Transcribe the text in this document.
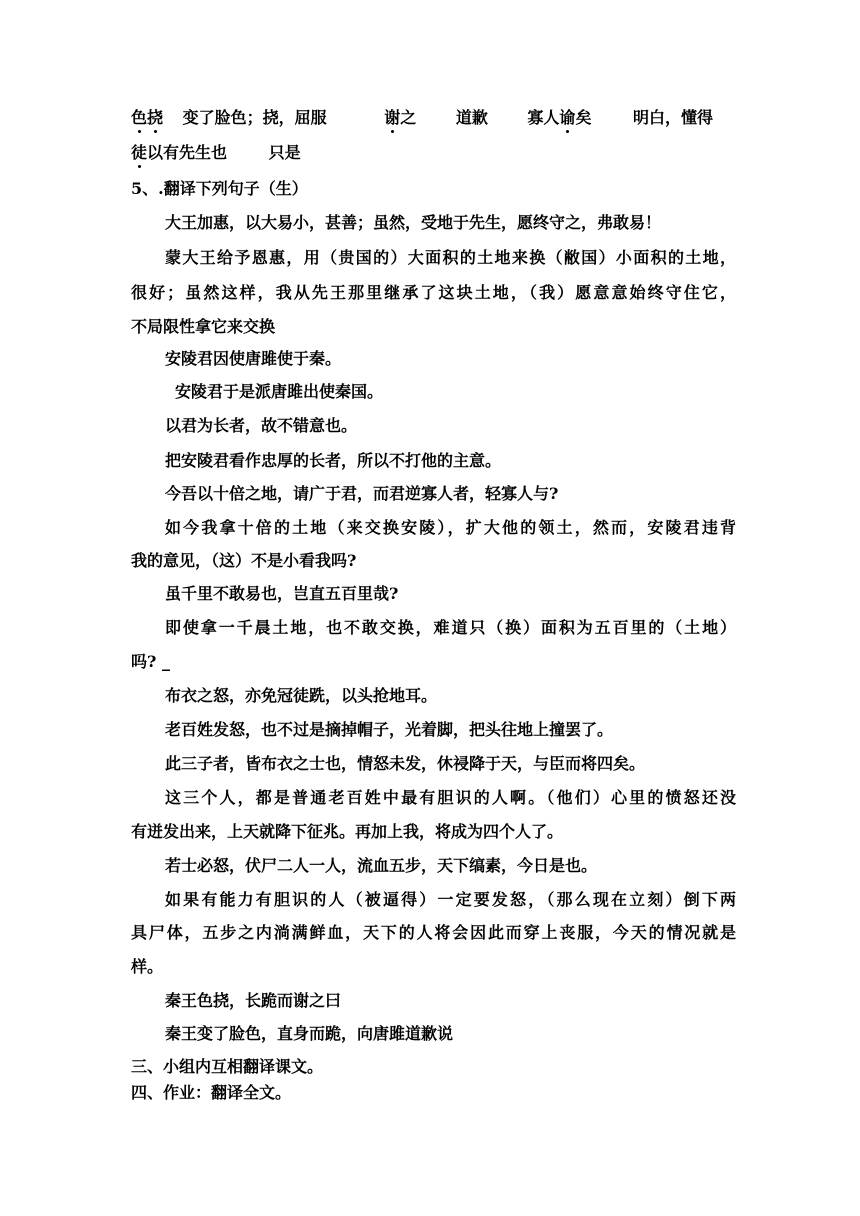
色挠 变了脸色；挠，屈服	谢之 道歉 寡人谕矣	明白，懂得
徒以有先生也	只是
5、.翻译下列句子（生）
大王加惠，以大易小，甚善；虽然，受地于先生，愿终守之，弗敢易！
蒙大王给予恩惠，用（贵国的）大面积的土地来换（敝国）小面积的土地，
很好；虽然这样，我从先王那里继承了这块土地，（我）愿意意始终守住它，
不局限性拿它来交换
安陵君因使唐雎使于秦。
安陵君于是派唐雎出使秦国。
以君为长者，故不错意也。
把安陵君看作忠厚的长者，所以不打他的主意。
今吾以十倍之地，请广于君，而君逆寡人者，轻寡人与?
如今我拿十倍的土地（来交换安陵），扩大他的领土，然而，安陵君违背
我的意见，（这）不是小看我吗?
虽千里不敢易也，岂直五百里哉?
即使拿一千晨土地，也不敢交换，难道只（换）面积为五百里的（土地）
吗? _
布衣之怒，亦免冠徒跣，以头抢地耳。
老百姓发怒，也不过是摘掉帽子，光着脚，把头往地上撞罢了。
此三子者，皆布衣之士也，情怒未发，休祲降于天，与臣而将四矣。
这三个人，都是普通老百姓中最有胆识的人啊。（他们）心里的愤怒还没
有迸发出来，上天就降下征兆。再加上我，将成为四个人了。
若士必怒，伏尸二人一人，流血五步，天下缟素，今日是也。
如果有能力有胆识的人（被逼得）一定要发怒，（那么现在立刻）倒下两
具尸体，五步之内淌满鲜血，天下的人将会因此而穿上丧服，今天的情况就是
样。
秦王色挠，长跪而谢之曰
秦王变了脸色，直身而跪，向唐雎道歉说
三、小组内互相翻译课文。
四、作业：翻译全文。
